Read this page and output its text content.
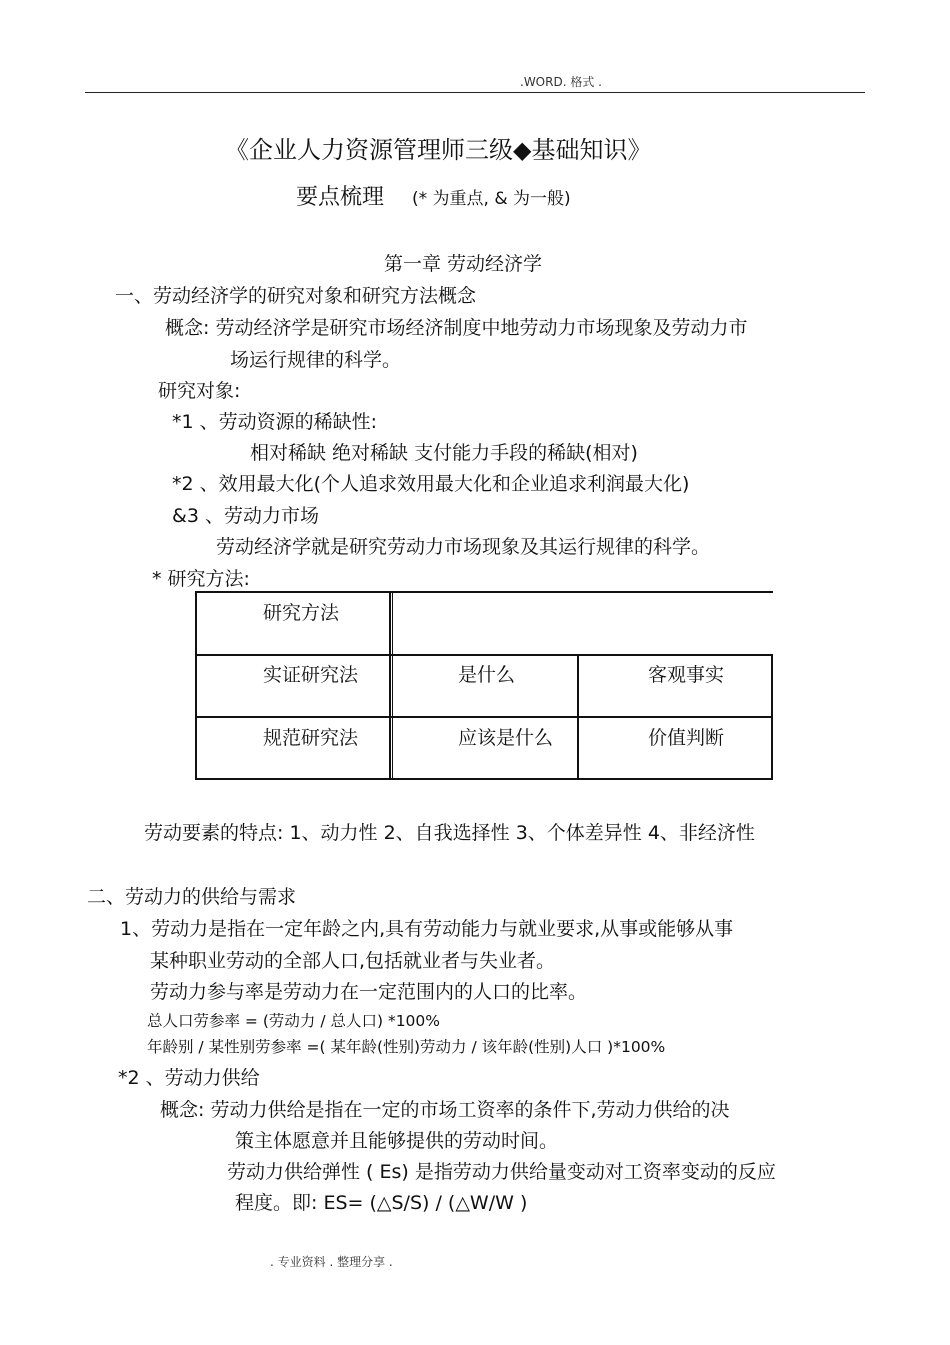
.WORD. 格式 .
《企业人力资源管理师三级◆基础知识》
要点梳理 (* 为重点, & 为一般)
第一章 劳动经济学
一、劳动经济学的研究对象和研究方法概念
概念: 劳动经济学是研究市场经济制度中地劳动力市场现象及劳动力市
场运行规律的科学。
研究对象:
*1 、劳动资源的稀缺性:
相对稀缺 绝对稀缺 支付能力手段的稀缺(相对)
*2 、效用最大化(个人追求效用最大化和企业追求利润最大化)
&3 、劳动力市场
劳动经济学就是研究劳动力市场现象及其运行规律的科学。
* 研究方法:
研究方法
实证研究法	是什么	客观事实
规范研究法	应该是什么	价值判断
劳动要素的特点: 1、动力性 2、自我选择性 3、个体差异性 4、非经济性
二、劳动力的供给与需求
1、劳动力是指在一定年龄之内,具有劳动能力与就业要求,从事或能够从事
某种职业劳动的全部人口,包括就业者与失业者。
劳动力参与率是劳动力在一定范围内的人口的比率。
总人口劳参率 = (劳动力 / 总人口) *100%
年龄别 / 某性别劳参率 =( 某年龄(性别)劳动力 / 该年龄(性别)人口 )*100%
*2 、劳动力供给
概念: 劳动力供给是指在一定的市场工资率的条件下,劳动力供给的决
策主体愿意并且能够提供的劳动时间。
劳动力供给弹性 ( Es) 是指劳动力供给量变动对工资率变动的反应
程度。即: ES= (△S/S) / (△W/W )
. 专业资料 . 整理分享 .
